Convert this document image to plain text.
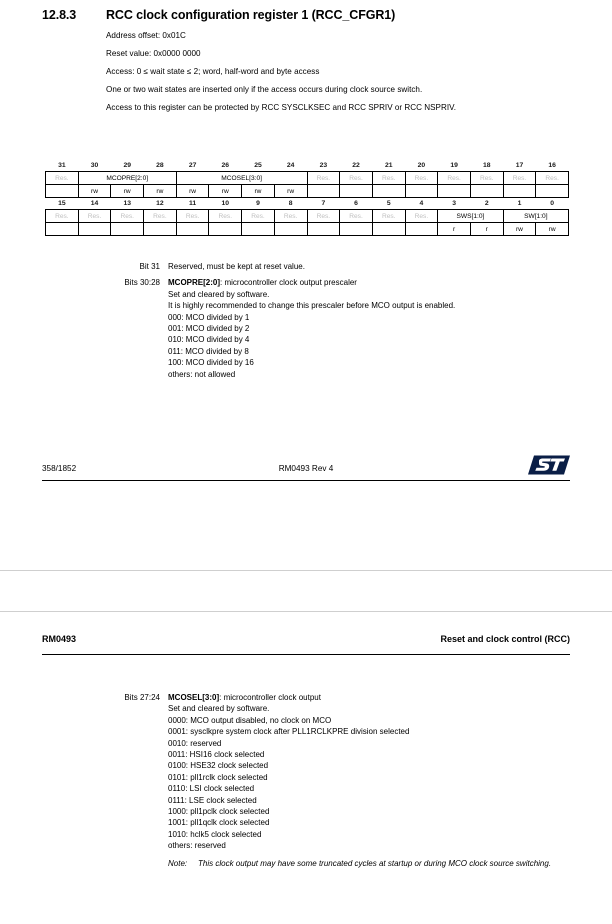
12.8.3 RCC clock configuration register 1 (RCC_CFGR1)
Address offset: 0x01C
Reset value: 0x0000 0000
Access: 0 ≤ wait state ≤ 2; word, half-word and byte access
One or two wait states are inserted only if the access occurs during clock source switch.
Access to this register can be protected by RCC SYSCLKSEC and RCC SPRIV or RCC NSPRIV.
31	30	29	28	27	26	25	24	23	22	21	20	19	18	17	16
Res.	MCOPRE[2:0]			MCOSEL[3:0]				Res.	Res.	Res.	Res.	Res.	Res.	Res.	Res.
	rw	rw	rw	rw	rw	rw	rw								
15	14	13	12	11	10	9	8	7	6	5	4	3	2	1	0
Res.	Res.	Res.	Res.	Res.	Res.	Res.	Res.	Res.	Res.	Res.	Res.	SWS[1:0]		SW[1:0]	
												r	r	rw	rw
Bit 31 Reserved, must be kept at reset value.
Bits 30:28 MCOPRE[2:0]: microcontroller clock output prescaler
Set and cleared by software.
It is highly recommended to change this prescaler before MCO output is enabled.
000: MCO divided by 1
001: MCO divided by 2
010: MCO divided by 4
011: MCO divided by 8
100: MCO divided by 16
others: not allowed
358/1852	RM0493 Rev 4
RM0493	Reset and clock control (RCC)
Bits 27:24 MCOSEL[3:0]: microcontroller clock output
Set and cleared by software.
0000: MCO output disabled, no clock on MCO
0001: sysclkpre system clock after PLL1RCLKPRE division selected
0010: reserved
0011: HSI16 clock selected
0100: HSE32 clock selected
0101: pll1rclk clock selected
0110: LSI clock selected
0111: LSE clock selected
1000: pll1pclk clock selected
1001: pll1qclk clock selected
1010: hclk5 clock selected
others: reserved
Note: This clock output may have some truncated cycles at startup or during MCO clock source switching.
